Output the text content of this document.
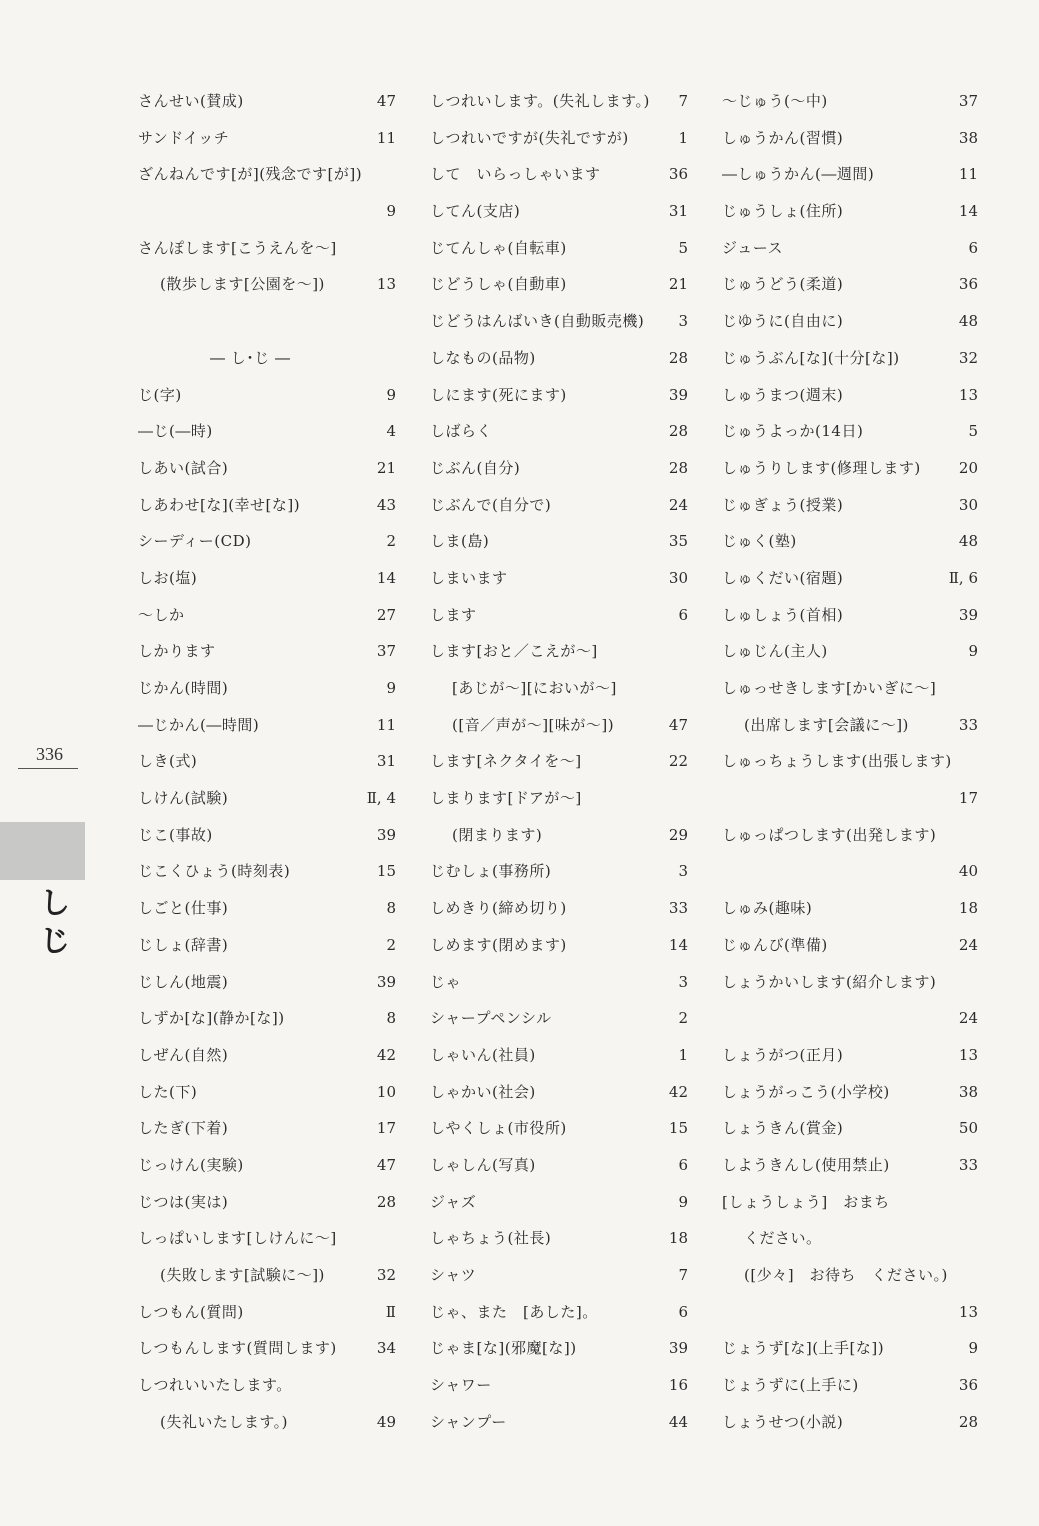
さんせい(賛成)	47
サンドイッチ	11
ざんねんです[が](残念です[が])
9
さんぽします[こうえんを～]
(散歩します[公園を～])	13
― し･じ ―
じ(字)	9
―じ(―時)	4
しあい(試合)	21
しあわせ[な](幸せ[な])	43
シーディー(CD)	2
しお(塩)	14
～しか	27
しかります	37
じかん(時間)	9
―じかん(―時間)	11
しき(式)	31
しけん(試験)	Ⅱ, 4
じこ(事故)	39
じこくひょう(時刻表)	15
しごと(仕事)	8
じしょ(辞書)	2
じしん(地震)	39
しずか[な](静か[な])	8
しぜん(自然)	42
した(下)	10
したぎ(下着)	17
じっけん(実験)	47
じつは(実は)	28
しっぱいします[しけんに～]
(失敗します[試験に～])	32
しつもん(質問)	Ⅱ
しつもんします(質問します)	34
しつれいいたします。
(失礼いたします。)	49
しつれいします。(失礼します。) 7
しつれいですが(失礼ですが)	1
して　いらっしゃいます	36
してん(支店)	31
じてんしゃ(自転車)	5
じどうしゃ(自動車)	21
じどうはんばいき(自動販売機) 3
しなもの(品物)	28
しにます(死にます)	39
しばらく	28
じぶん(自分)	28
じぶんで(自分で)	24
しま(島)	35
しまいます	30
します	6
します[おと／こえが～]
[あじが～][においが～]
([音／声が～][味が～])	47
します[ネクタイを～]	22
しまります[ドアが～]
(閉まります)	29
じむしょ(事務所)	3
しめきり(締め切り)	33
しめます(閉めます)	14
じゃ	3
シャープペンシル	2
しゃいん(社員)	1
しゃかい(社会)	42
しやくしょ(市役所)	15
しゃしん(写真)	6
ジャズ	9
しゃちょう(社長)	18
シャツ	7
じゃ、また　[あした]。	6
じゃま[な](邪魔[な])	39
シャワー	16
シャンプー	44
～じゅう(～中)	37
しゅうかん(習慣)	38
―しゅうかん(―週間)	11
じゅうしょ(住所)	14
ジュース	6
じゅうどう(柔道)	36
じゆうに(自由に)	48
じゅうぶん[な](十分[な])	32
しゅうまつ(週末)	13
じゅうよっか(14日)	5
しゅうりします(修理します)	20
じゅぎょう(授業)	30
じゅく(塾)	48
しゅくだい(宿題)	Ⅱ, 6
しゅしょう(首相)	39
しゅじん(主人)	9
しゅっせきします[かいぎに～]
(出席します[会議に～])	33
しゅっちょうします(出張します)
17
しゅっぱつします(出発します)
40
しゅみ(趣味)	18
じゅんび(準備)	24
しょうかいします(紹介します)
24
しょうがつ(正月)	13
しょうがっこう(小学校)	38
しょうきん(賞金)	50
しようきんし(使用禁止)	33
[しょうしょう]　おまち
ください。
([少々]　お待ち　ください。)
13
じょうず[な](上手[な])	9
じょうずに(上手に)	36
しょうせつ(小説)	28
336
し
じ
